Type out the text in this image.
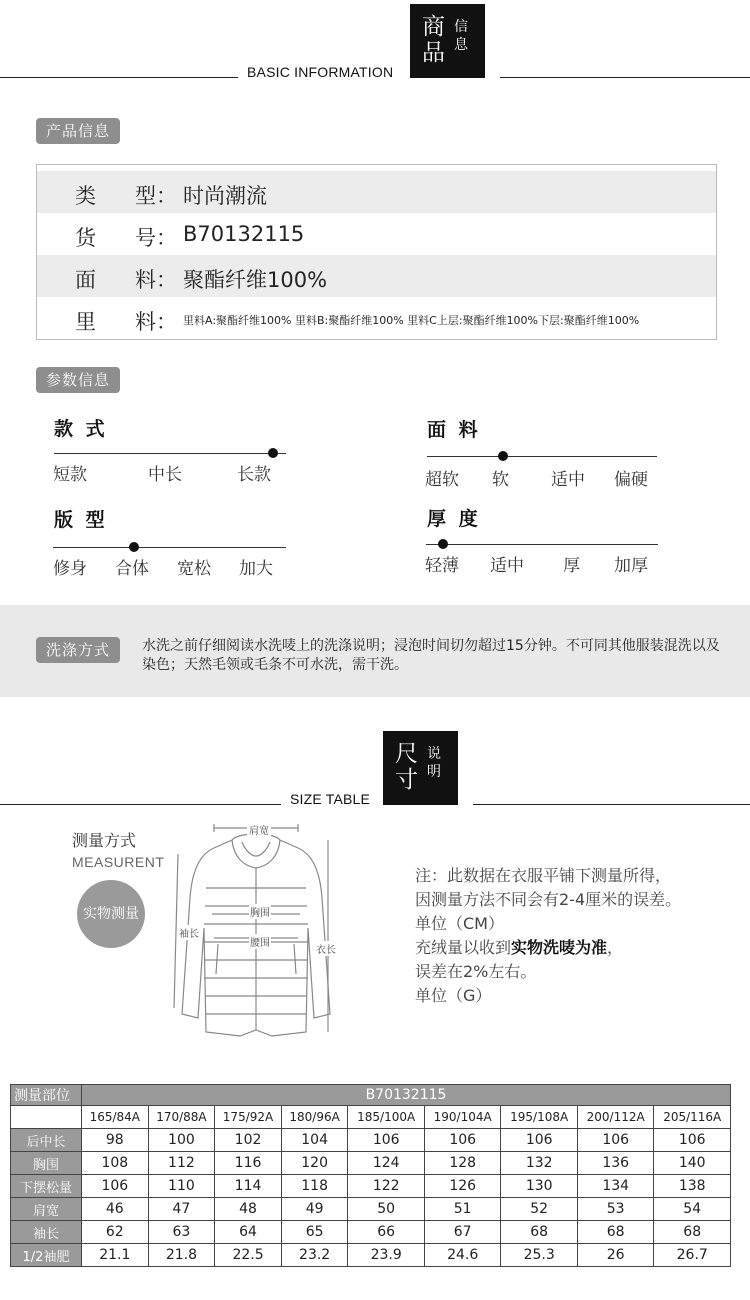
BASIC INFORMATION
商品
信息
产品信息
类 型： 时尚潮流
货 号： B70132115
面 料： 聚酯纤维100%
里 料： 里料A:聚酯纤维100% 里料B:聚酯纤维100% 里料C上层:聚酯纤维100%下层:聚酯纤维100%
参数信息
款 式
短款	中长	长款
面 料
超软 软 适中 偏硬
版 型
修身 合体 宽松 加大
厚 度
轻薄 适中 厚 加厚
洗涤方式	水洗之前仔细阅读水洗唛上的洗涤说明；浸泡时间切勿超过15分钟。不可同其他服装混洗以及染色；天然毛领或毛条不可水洗，需干洗。
SIZE TABLE
尺寸
说明
测量方式
MEASURENT
实物测量
肩宽
胸围
腰围
袖长
衣长
注：此数据在衣服平铺下测量所得，
因测量方法不同会有2-4厘米的误差。
单位（CM）
充绒量以收到实物洗唛为准，
误差在2%左右。
单位（G）
测量部位	B70132115								
	165/84A	170/88A	175/92A	180/96A	185/100A	190/104A	195/108A	200/112A	205/116A
后中长	98	100	102	104	106	106	106	106	106
胸围	108	112	116	120	124	128	132	136	140
下摆松量	106	110	114	118	122	126	130	134	138
肩宽	46	47	48	49	50	51	52	53	54
袖长	62	63	64	65	66	67	68	68	68
1/2袖肥	21.1	21.8	22.5	23.2	23.9	24.6	25.3	26	26.7
